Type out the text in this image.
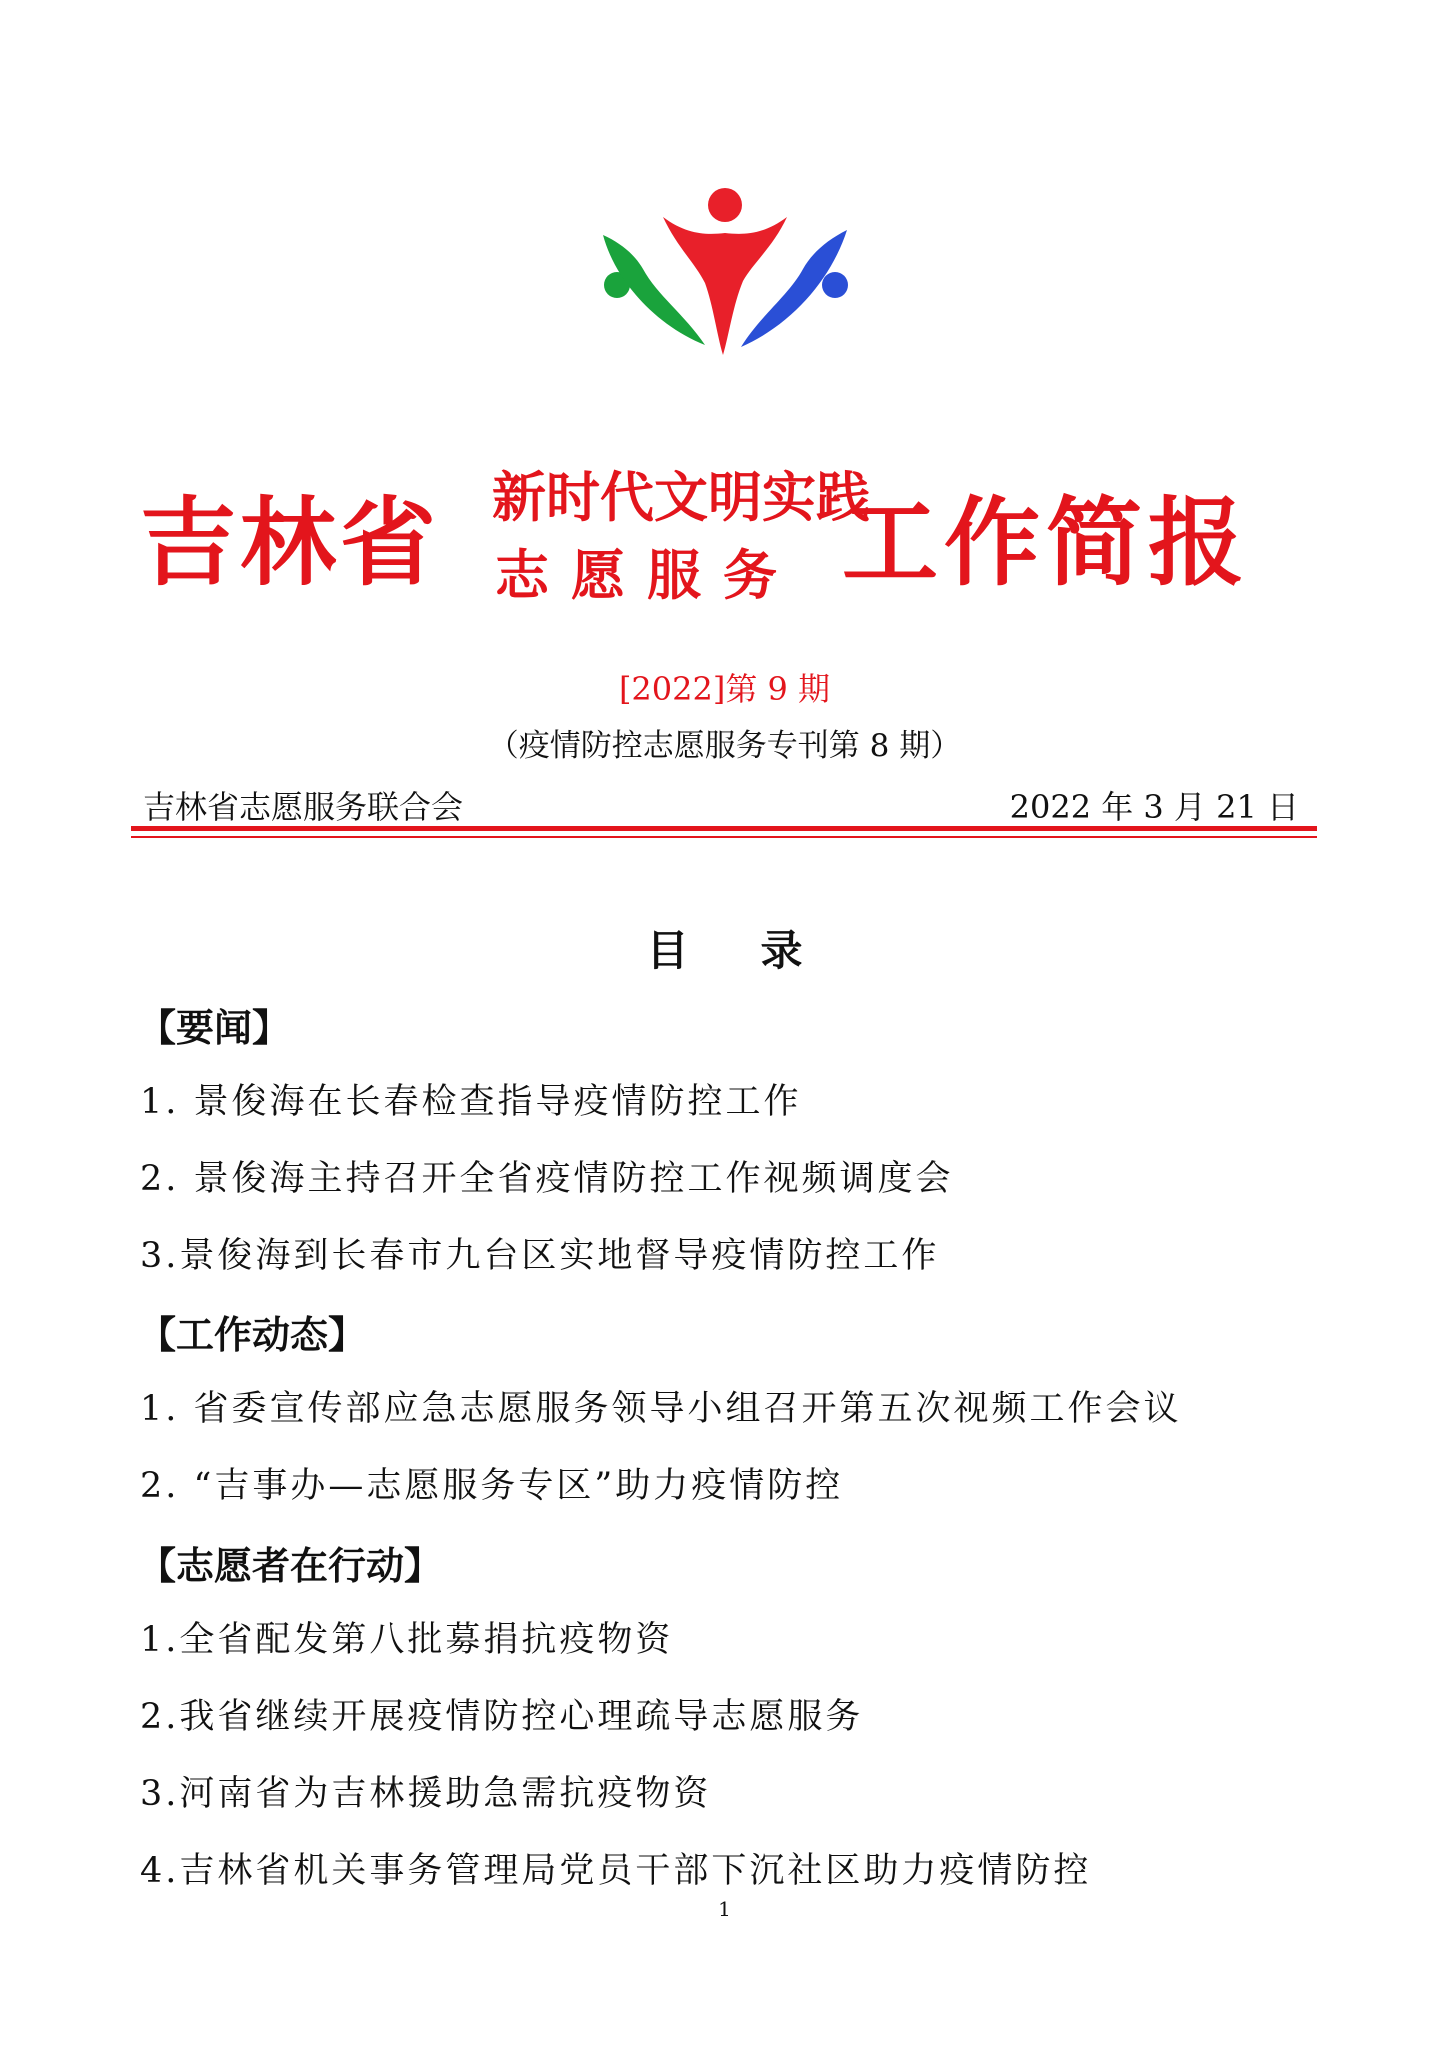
吉林省 新时代文明实践
志愿服务 工作简报
[2022]第 9 期
（疫情防控志愿服务专刊第 8 期）
吉林省志愿服务联合会	2022 年 3 月 21 日
目录
【要闻】
1. 景俊海在长春检查指导疫情防控工作
2. 景俊海主持召开全省疫情防控工作视频调度会
3.景俊海到长春市九台区实地督导疫情防控工作
【工作动态】
1. 省委宣传部应急志愿服务领导小组召开第五次视频工作会议
2. “吉事办—志愿服务专区”助力疫情防控
【志愿者在行动】
1.全省配发第八批募捐抗疫物资
2.我省继续开展疫情防控心理疏导志愿服务
3.河南省为吉林援助急需抗疫物资
4.吉林省机关事务管理局党员干部下沉社区助力疫情防控
1
